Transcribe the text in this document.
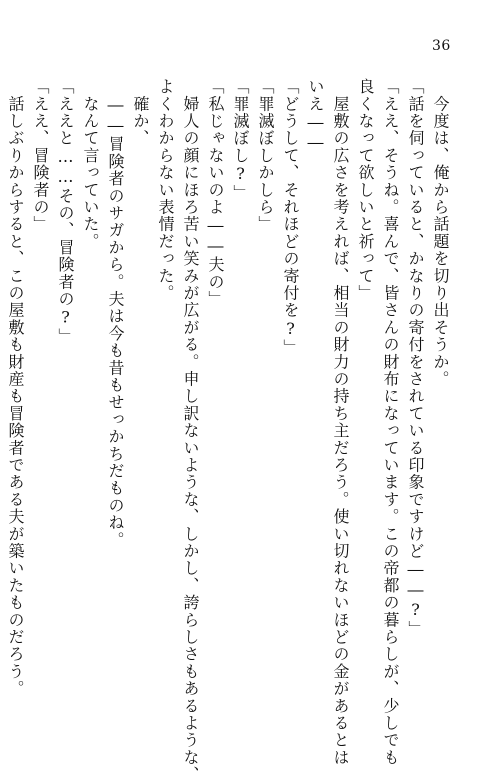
36
　今度は、俺から話題を切り出そうか。
「話を伺っていると、かなりの寄付をされている印象ですけど――?」
「ええ、そうね。喜んで、皆さんの財布になっています。この帝都の暮らしが、少しでも
良くなって欲しいと祈って」
　屋敷の広さを考えれば、相当の財力の持ち主だろう。使い切れないほどの金があるとは
いえ――
「どうして、それほどの寄付を?」
「罪滅ぼしかしら」
「罪滅ぼし?」
「私じゃないのよ――夫の」
　婦人の顔にほろ苦い笑みが広がる。申し訳ないような、しかし、誇らしさもあるような、
よくわからない表情だった。
　確か、
　――冒険者のサガから。夫は今も昔もせっかちだものね。
　なんて言っていた。
「ええと……その、冒険者の?」
「ええ、冒険者の」
　話しぶりからすると、この屋敷も財産も冒険者である夫が築いたものだろう。
